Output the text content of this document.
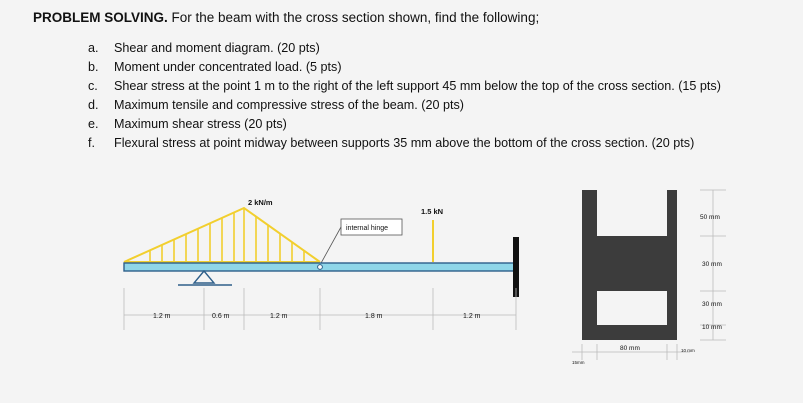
PROBLEM SOLVING. For the beam with the cross section shown, find the following;
a. Shear and moment diagram. (20 pts)
b. Moment under concentrated load. (5 pts)
c. Shear stress at the point 1 m to the right of the left support 45 mm below the top of the cross section. (15 pts)
d. Maximum tensile and compressive stress of the beam. (20 pts)
e. Maximum shear stress (20 pts)
f. Flexural stress at point midway between supports 35 mm above the bottom of the cross section. (20 pts)
2 kN/m
internal hinge
1.5 kN
1.2 m	0.6 m	1.2 m	1.8 m	1.2 m
50 mm
30 mm
30 mm
10 mm
15mm
80 mm	10 mm
